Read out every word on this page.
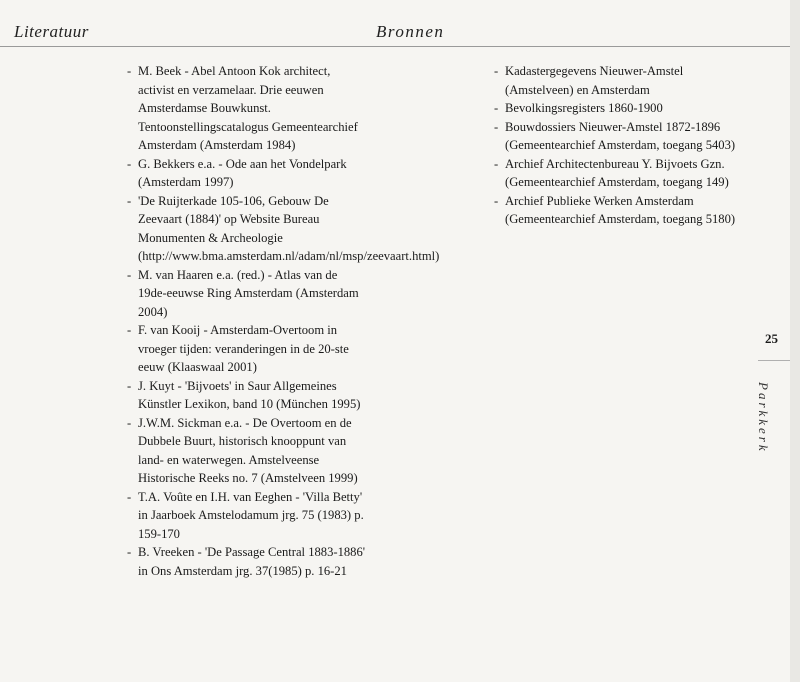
Literatuur	Bronnen
- M. Beek - Abel Antoon Kok architect, activist en verzamelaar. Drie eeuwen Amsterdamse Bouwkunst. Tentoonstellingscatalogus Gemeentearchief Amsterdam (Amsterdam 1984)
- G. Bekkers e.a. - Ode aan het Vondelpark (Amsterdam 1997)
- 'De Ruijterkade 105-106, Gebouw De Zeevaart (1884)' op Website Bureau Monumenten & Archeologie (http://www.bma.amsterdam.nl/adam/nl/msp/zeevaart.html)
- M. van Haaren e.a. (red.) - Atlas van de 19de-eeuwse Ring Amsterdam (Amsterdam 2004)
- F. van Kooij - Amsterdam-Overtoom in vroeger tijden: veranderingen in de 20-ste eeuw (Klaaswaal 2001)
- J. Kuyt - 'Bijvoets' in Saur Allgemeines Künstler Lexikon, band 10 (München 1995)
- J.W.M. Sickman e.a. - De Overtoom en de Dubbele Buurt, historisch knooppunt van land- en waterwegen. Amstelveense Historische Reeks no. 7 (Amstelveen 1999)
- T.A. Voûte en I.H. van Eeghen - 'Villa Betty' in Jaarboek Amstelodamum jrg. 75 (1983) p. 159-170
- B. Vreeken - 'De Passage Central 1883-1886' in Ons Amsterdam jrg. 37(1985) p. 16-21
- Kadastergegevens Nieuwer-Amstel (Amstelveen) en Amsterdam
- Bevolkingsregisters 1860-1900
- Bouwdossiers Nieuwer-Amstel 1872-1896 (Gemeentearchief Amsterdam, toegang 5403)
- Archief Architectenbureau Y. Bijvoets Gzn. (Gemeentearchief Amsterdam, toegang 149)
- Archief Publieke Werken Amsterdam (Gemeentearchief Amsterdam, toegang 5180)
25
Parkkerk
